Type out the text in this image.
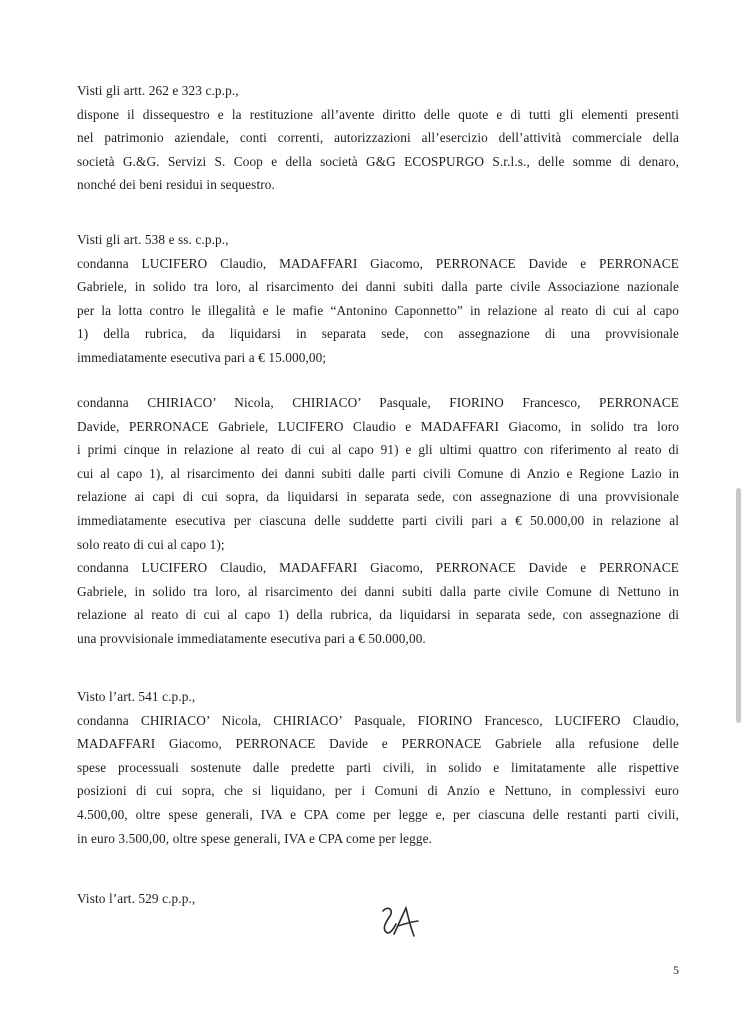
Visti gli artt. 262 e 323 c.p.p.,
dispone il dissequestro e la restituzione all’avente diritto delle quote e di tutti gli elementi presenti
nel patrimonio aziendale, conti correnti, autorizzazioni all’esercizio dell’attività commerciale della
società G.&G. Servizi S. Coop e della società G&G ECOSPURGO S.r.l.s., delle somme di denaro,
nonché dei beni residui in sequestro.
Visti gli art. 538 e ss. c.p.p.,
condanna LUCIFERO Claudio, MADAFFARI Giacomo, PERRONACE Davide e PERRONACE
Gabriele, in solido tra loro, al risarcimento dei danni subiti dalla parte civile Associazione nazionale
per la lotta contro le illegalità e le mafie “Antonino Caponnetto” in relazione al reato di cui al capo
1) della rubrica, da liquidarsi in separata sede, con assegnazione di una provvisionale
immediatamente esecutiva pari a € 15.000,00;
condanna CHIRIACO’ Nicola, CHIRIACO’ Pasquale, FIORINO Francesco, PERRONACE
Davide, PERRONACE Gabriele, LUCIFERO Claudio e MADAFFARI Giacomo, in solido tra loro
i primi cinque in relazione al reato di cui al capo 91) e gli ultimi quattro con riferimento al reato di
cui al capo 1), al risarcimento dei danni subiti dalle parti civili Comune di Anzio e Regione Lazio in
relazione ai capi di cui sopra, da liquidarsi in separata sede, con assegnazione di una provvisionale
immediatamente esecutiva per ciascuna delle suddette parti civili pari a € 50.000,00 in relazione al
solo reato di cui al capo 1);
condanna LUCIFERO Claudio, MADAFFARI Giacomo, PERRONACE Davide e PERRONACE
Gabriele, in solido tra loro, al risarcimento dei danni subiti dalla parte civile Comune di Nettuno in
relazione al reato di cui al capo 1) della rubrica, da liquidarsi in separata sede, con assegnazione di
una provvisionale immediatamente esecutiva pari a € 50.000,00.
Visto l’art. 541 c.p.p.,
condanna CHIRIACO’ Nicola, CHIRIACO’ Pasquale, FIORINO Francesco, LUCIFERO Claudio,
MADAFFARI Giacomo, PERRONACE Davide e PERRONACE Gabriele alla refusione delle
spese processuali sostenute dalle predette parti civili, in solido e limitatamente alle rispettive
posizioni di cui sopra, che si liquidano, per i Comuni di Anzio e Nettuno, in complessivi euro
4.500,00, oltre spese generali, IVA e CPA come per legge e, per ciascuna delle restanti parti civili,
in euro 3.500,00, oltre spese generali, IVA e CPA come per legge.
Visto l’art. 529 c.p.p.,
5
